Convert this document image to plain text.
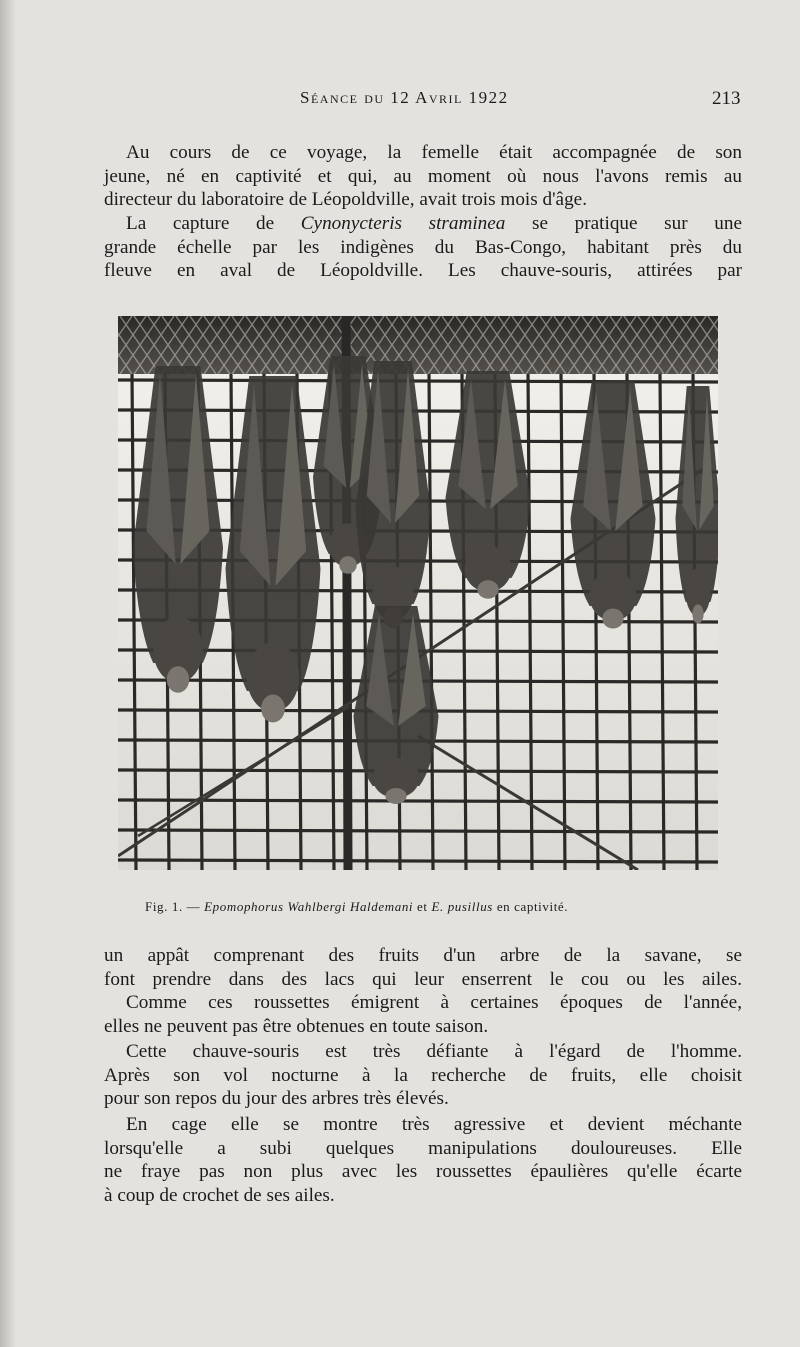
Séance du 12 Avril 1922	213
Au cours de ce voyage, la femelle était accompagnée de son
jeune, né en captivité et qui, au moment où nous l'avons remis au
directeur du laboratoire de Léopoldville, avait trois mois d'âge.
La capture de Cynonycteris straminea se pratique sur une
grande échelle par les indigènes du Bas-Congo, habitant près du
fleuve en aval de Léopoldville. Les chauve-souris, attirées par
Fig. 1. — Epomophorus Wahlbergi Haldemani et E. pusillus en captivité.
un appât comprenant des fruits d'un arbre de la savane, se
font prendre dans des lacs qui leur enserrent le cou ou les ailes.
Comme ces roussettes émigrent à certaines époques de l'année,
elles ne peuvent pas être obtenues en toute saison.
Cette chauve-souris est très défiante à l'égard de l'homme.
Après son vol nocturne à la recherche de fruits, elle choisit
pour son repos du jour des arbres très élevés.
En cage elle se montre très agressive et devient méchante
lorsqu'elle a subi quelques manipulations douloureuses. Elle
ne fraye pas non plus avec les roussettes épaulières qu'elle écarte
à coup de crochet de ses ailes.
